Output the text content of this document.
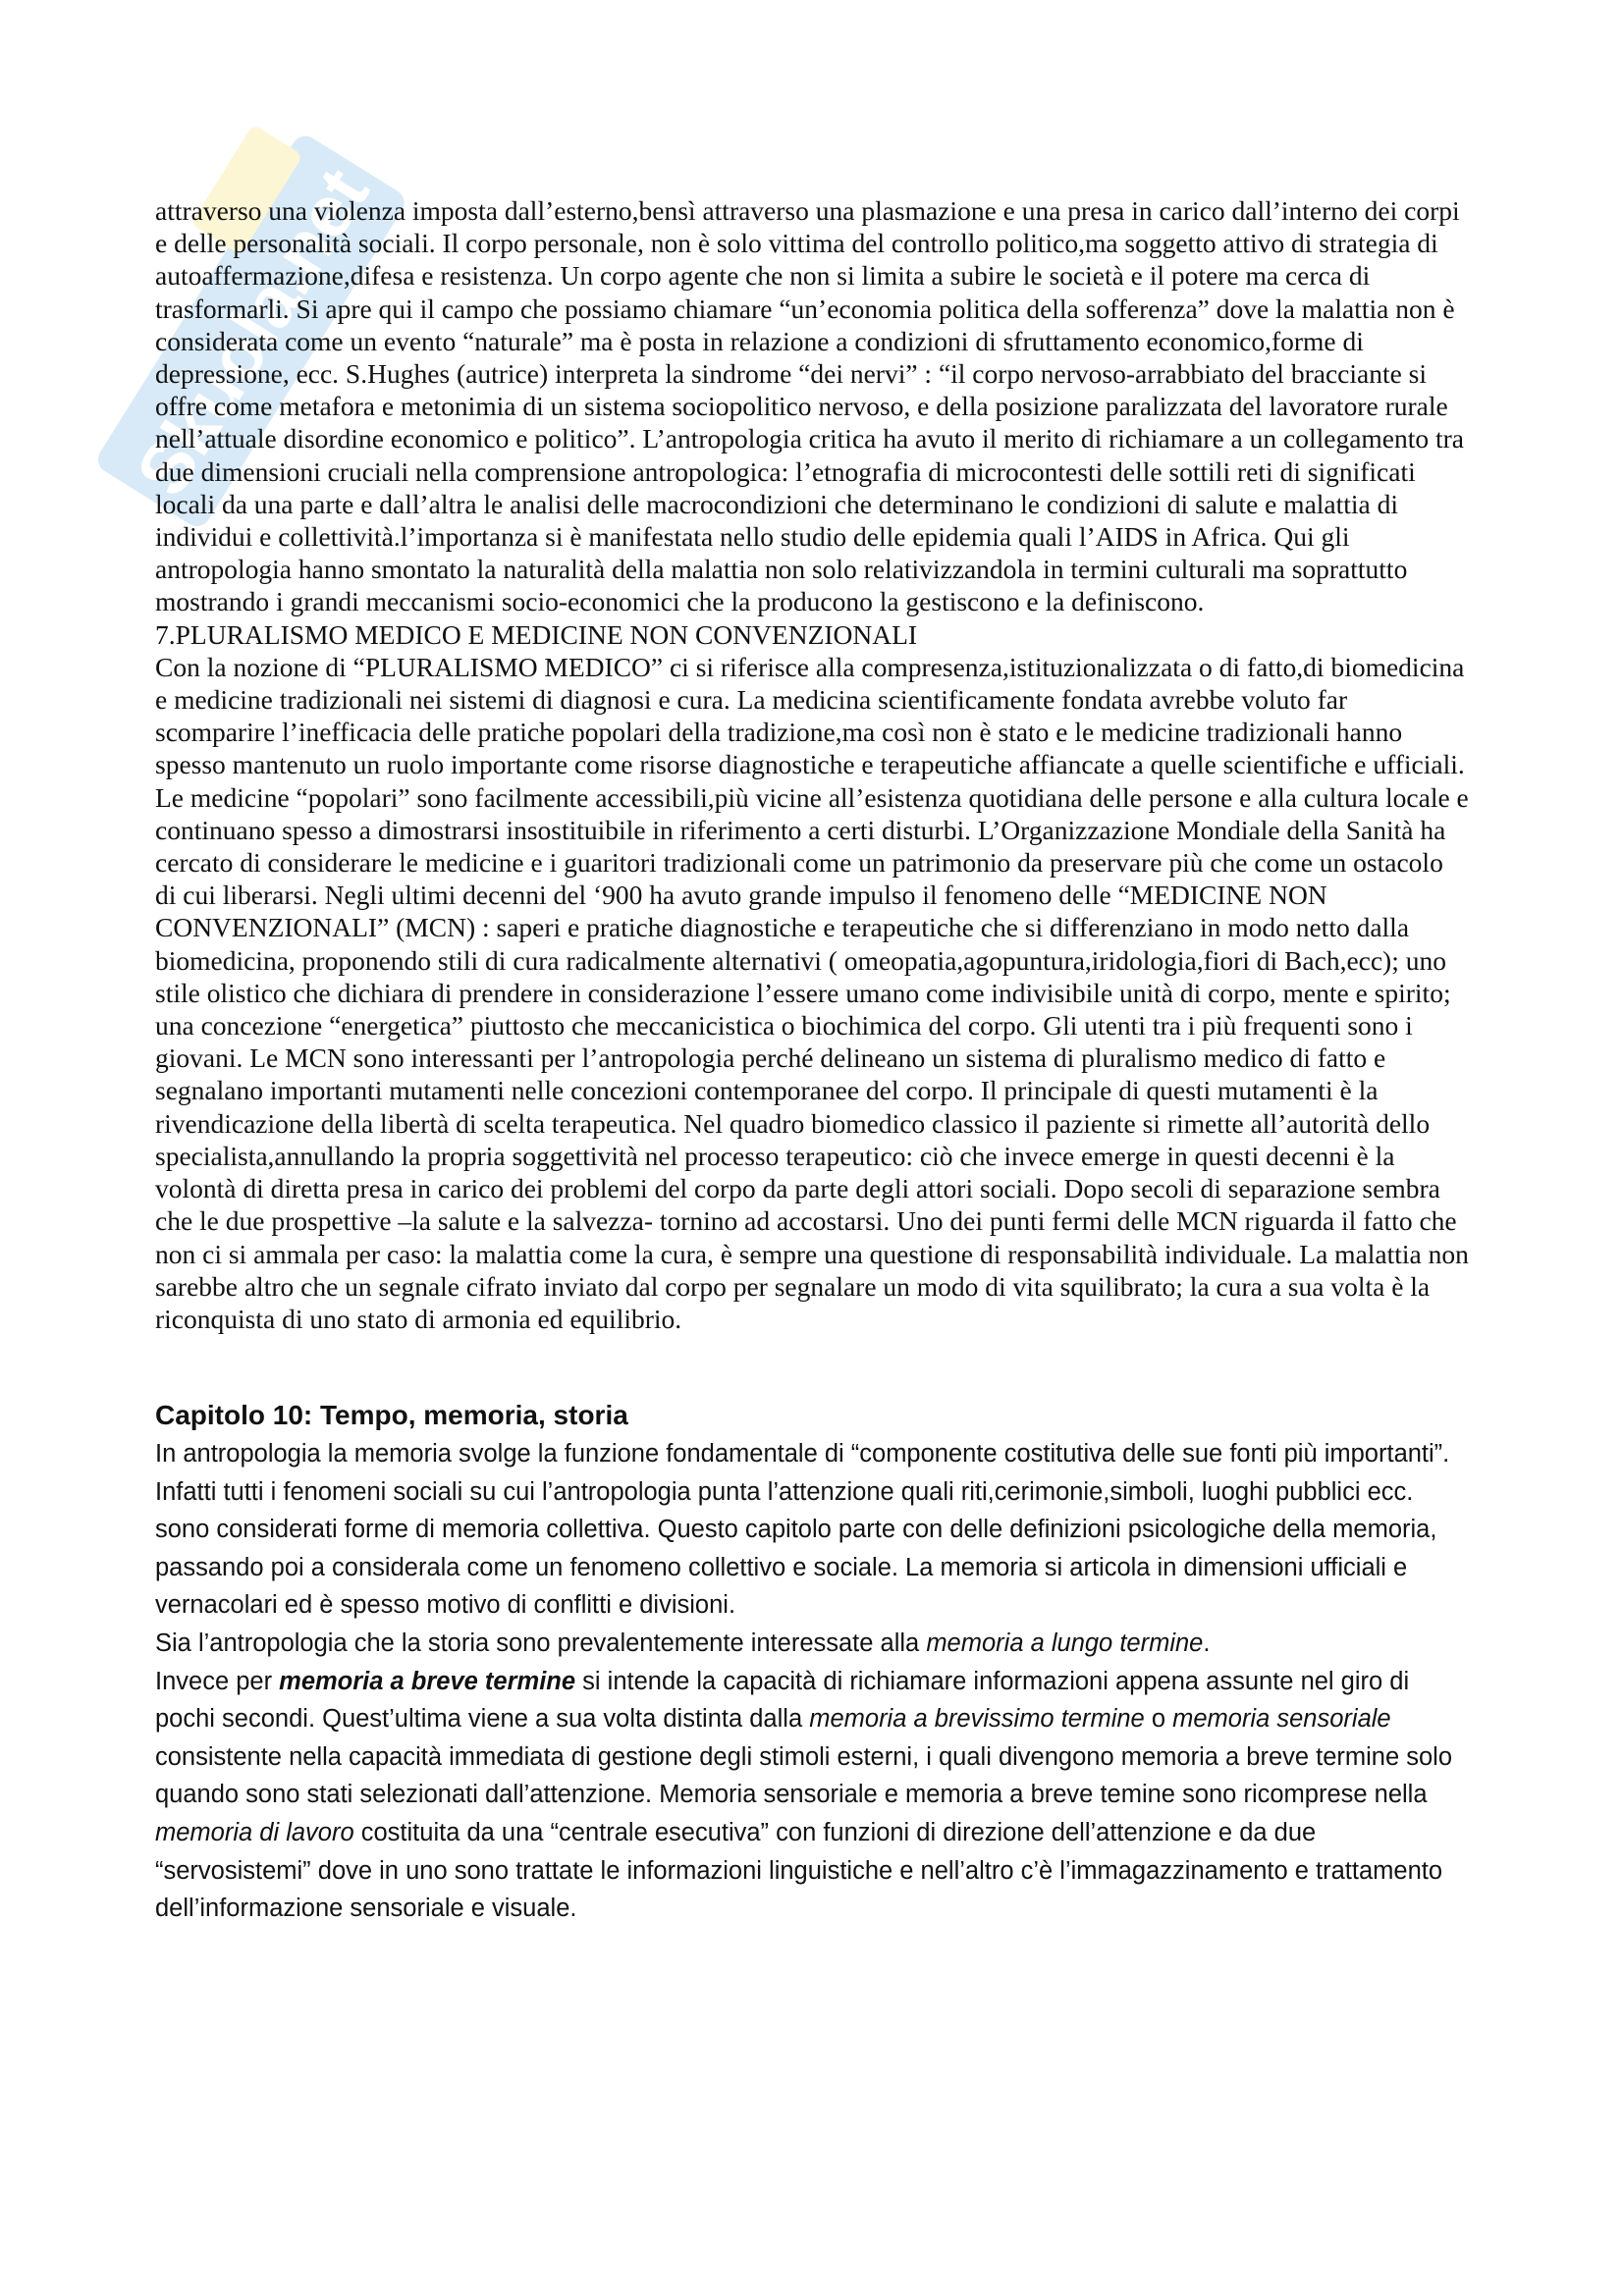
Skuola.net

attraverso una violenza imposta dall’esterno,bensì attraverso una plasmazione e una presa in carico dall’interno dei corpi e delle personalità sociali. Il corpo personale, non è solo vittima del controllo politico,ma soggetto attivo di strategia di autoaffermazione,difesa e resistenza. Un corpo agente che non si limita a subire le società e il potere ma cerca di trasformarli. Si apre qui il campo che possiamo chiamare “un’economia politica della sofferenza” dove la malattia non è considerata come un evento “naturale” ma è posta in relazione a condizioni di sfruttamento economico,forme di depressione, ecc. S.Hughes (autrice) interpreta la sindrome “dei nervi” : “il corpo nervoso-arrabbiato del bracciante si offre come metafora e metonimia di un sistema sociopolitico nervoso, e della posizione paralizzata del lavoratore rurale nell’attuale disordine economico e politico”. L’antropologia critica ha avuto il merito di richiamare a un collegamento tra due dimensioni cruciali nella comprensione antropologica: l’etnografia di microcontesti delle sottili reti di significati locali da una parte e dall’altra le analisi delle macrocondizioni che determinano le condizioni di salute e malattia di individui e collettività.l’importanza si è manifestata nello studio delle epidemia quali l’AIDS in Africa. Qui gli antropologia hanno smontato la naturalità della malattia non solo relativizzandola in termini culturali ma soprattutto mostrando i grandi meccanismi socio-economici che la producono la gestiscono e la definiscono.

7.PLURALISMO MEDICO E MEDICINE NON CONVENZIONALI

Con la nozione di “PLURALISMO MEDICO” ci si riferisce alla compresenza,istituzionalizzata o di fatto,di biomedicina e medicine tradizionali nei sistemi di diagnosi e cura. La medicina scientificamente fondata avrebbe voluto far scomparire l’inefficacia delle pratiche popolari della tradizione,ma così non è stato e le medicine tradizionali hanno spesso mantenuto un ruolo importante come risorse diagnostiche e terapeutiche affiancate a quelle scientifiche e ufficiali. Le medicine “popolari” sono facilmente accessibili,più vicine all’esistenza quotidiana delle persone e alla cultura locale e continuano spesso a dimostrarsi insostituibile in riferimento a certi disturbi. L’Organizzazione Mondiale della Sanità ha cercato di considerare le medicine e i guaritori tradizionali come un patrimonio da preservare più che come un ostacolo di cui liberarsi. Negli ultimi decenni del ‘900 ha avuto grande impulso il fenomeno delle “MEDICINE NON CONVENZIONALI” (MCN) : saperi e pratiche diagnostiche e terapeutiche che si differenziano in modo netto dalla biomedicina, proponendo stili di cura radicalmente alternativi ( omeopatia,agopuntura,iridologia,fiori di Bach,ecc); uno stile olistico che dichiara di prendere in considerazione l’essere umano come indivisibile unità di corpo, mente e spirito; una concezione “energetica” piuttosto che meccanicistica o biochimica del corpo. Gli utenti tra i più frequenti sono i giovani. Le MCN sono interessanti per l’antropologia perché delineano un sistema di pluralismo medico di fatto e segnalano importanti mutamenti nelle concezioni contemporanee del corpo. Il principale di questi mutamenti è la rivendicazione della libertà di scelta terapeutica. Nel quadro biomedico classico il paziente si rimette all’autorità dello specialista,annullando la propria soggettività nel processo terapeutico: ciò che invece emerge in questi decenni è la volontà di diretta presa in carico dei problemi del corpo da parte degli attori sociali. Dopo secoli di separazione sembra che le due prospettive –la salute e la salvezza- tornino ad accostarsi. Uno dei punti fermi delle MCN riguarda il fatto che non ci si ammala per caso: la malattia come la cura, è sempre una questione di responsabilità individuale. La malattia non sarebbe altro che un segnale cifrato inviato dal corpo per segnalare un modo di vita squilibrato; la cura a sua volta è la riconquista di uno stato di armonia ed equilibrio.

Capitolo 10: Tempo, memoria, storia

In antropologia la memoria svolge la funzione fondamentale di “componente costitutiva delle sue fonti più importanti”. Infatti tutti i fenomeni sociali su cui l’antropologia punta l’attenzione quali riti,cerimonie,simboli, luoghi pubblici ecc. sono considerati forme di memoria collettiva. Questo capitolo parte con delle definizioni psicologiche della memoria, passando poi a considerala come un fenomeno collettivo e sociale. La memoria si articola in dimensioni ufficiali e vernacolari ed è spesso motivo di conflitti e divisioni.

Sia l’antropologia che la storia sono prevalentemente interessate alla memoria a lungo termine.

Invece per memoria a breve termine si intende la capacità di richiamare informazioni appena assunte nel giro di pochi secondi. Quest’ultima viene a sua volta distinta dalla memoria a brevissimo termine o memoria sensoriale consistente nella capacità immediata di gestione degli stimoli esterni, i quali divengono memoria a breve termine solo quando sono stati selezionati dall’attenzione. Memoria sensoriale e memoria a breve temine sono ricomprese nella memoria di lavoro costituita da una “centrale esecutiva” con funzioni di direzione dell’attenzione e da due “servosistemi” dove in uno sono trattate le informazioni linguistiche e nell’altro c’è l’immagazzinamento e trattamento dell’informazione sensoriale e visuale.
